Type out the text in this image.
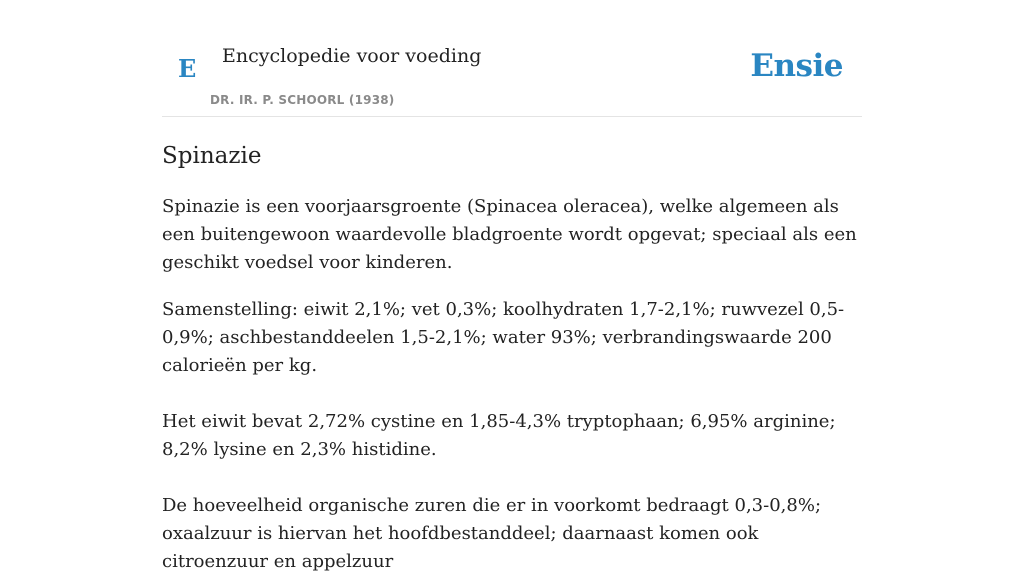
E Encyclopedie voor voeding
DR. IR. P. SCHOORL (1938)
Ensie
Spinazie

Spinazie is een voorjaarsgroente (Spinacea oleracea), welke algemeen als een buitengewoon waardevolle bladgroente wordt opgevat; speciaal als een geschikt voedsel voor kinderen.

Samenstelling: eiwit 2,1%; vet 0,3%; koolhydraten 1,7-2,1%; ruwvezel 0,5-0,9%; aschbestanddeelen 1,5-2,1%; water 93%; verbrandingswaarde 200 calorieën per kg.

Het eiwit bevat 2,72% cystine en 1,85-4,3% tryptophaan; 6,95% arginine; 8,2% lysine en 2,3% histidine.

De hoeveelheid organische zuren die er in voorkomt bedraagt 0,3-0,8%; oxaalzuur is hiervan het hoofdbestanddeel; daarnaast komen ook citroenzuur en appelzuur
